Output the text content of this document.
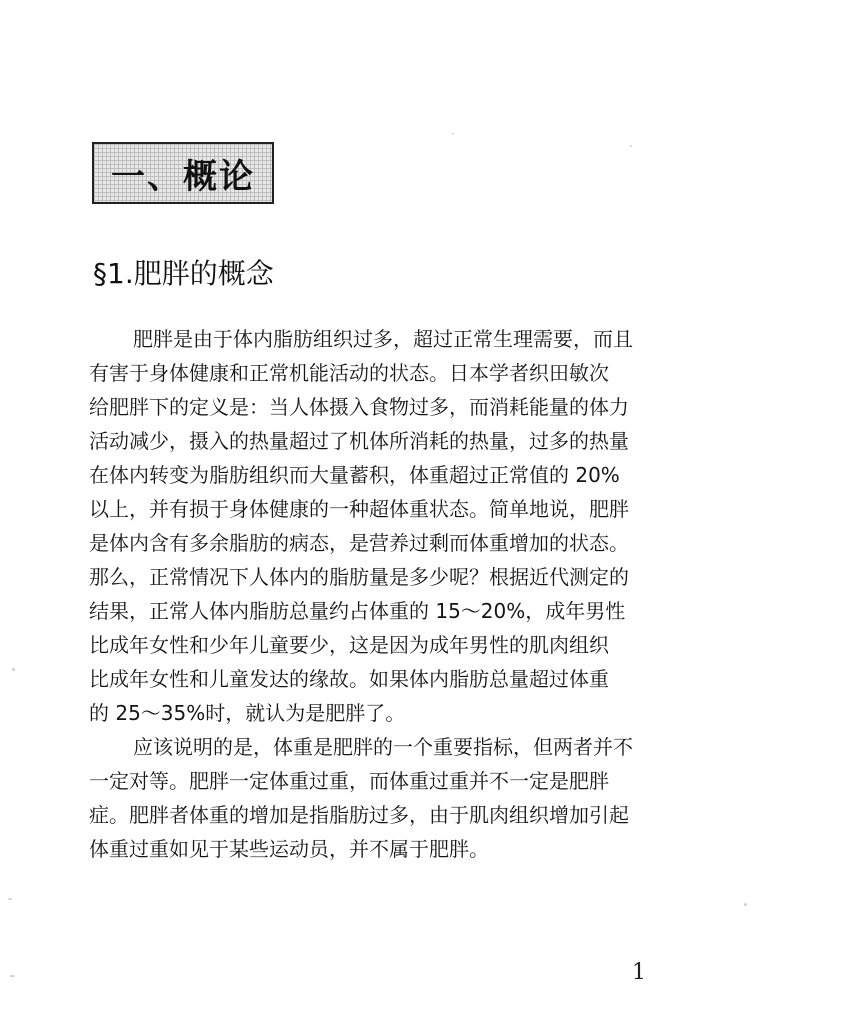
一、概论
§1.肥胖的概念
肥胖是由于体内脂肪组织过多，超过正常生理需要，而且
有害于身体健康和正常机能活动的状态。日本学者织田敏次
给肥胖下的定义是：当人体摄入食物过多，而消耗能量的体力
活动减少，摄入的热量超过了机体所消耗的热量，过多的热量
在体内转变为脂肪组织而大量蓄积，体重超过正常值的 20%
以上，并有损于身体健康的一种超体重状态。简单地说，肥胖
是体内含有多余脂肪的病态，是营养过剩而体重增加的状态。
那么，正常情况下人体内的脂肪量是多少呢？根据近代测定的
结果，正常人体内脂肪总量约占体重的 15～20%，成年男性
比成年女性和少年儿童要少，这是因为成年男性的肌肉组织
比成年女性和儿童发达的缘故。如果体内脂肪总量超过体重
的 25～35%时，就认为是肥胖了。
应该说明的是，体重是肥胖的一个重要指标，但两者并不
一定对等。肥胖一定体重过重，而体重过重并不一定是肥胖
症。肥胖者体重的增加是指脂肪过多，由于肌肉组织增加引起
体重过重如见于某些运动员，并不属于肥胖。
1
